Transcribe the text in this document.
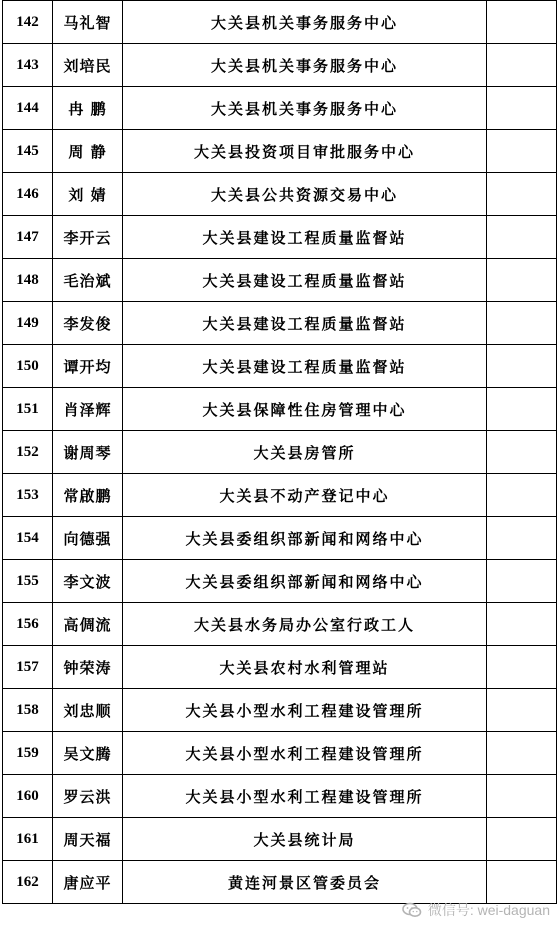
142	马礼智	大关县机关事务服务中心	
143	刘培民	大关县机关事务服务中心	
144	冉 鹏	大关县机关事务服务中心	
145	周 静	大关县投资项目审批服务中心	
146	刘 婧	大关县公共资源交易中心	
147	李开云	大关县建设工程质量监督站	
148	毛治斌	大关县建设工程质量监督站	
149	李发俊	大关县建设工程质量监督站	
150	谭开均	大关县建设工程质量监督站	
151	肖泽辉	大关县保障性住房管理中心	
152	谢周琴	大关县房管所	
153	常啟鹏	大关县不动产登记中心	
154	向德强	大关县委组织部新闻和网络中心	
155	李文波	大关县委组织部新闻和网络中心	
156	高倜流	大关县水务局办公室行政工人	
157	钟荣涛	大关县农村水利管理站	
158	刘忠顺	大关县小型水利工程建设管理所	
159	吴文腾	大关县小型水利工程建设管理所	
160	罗云洪	大关县小型水利工程建设管理所	
161	周天福	大关县统计局	
162	唐应平	黄连河景区管委员会	
微信号: wei-daguan
